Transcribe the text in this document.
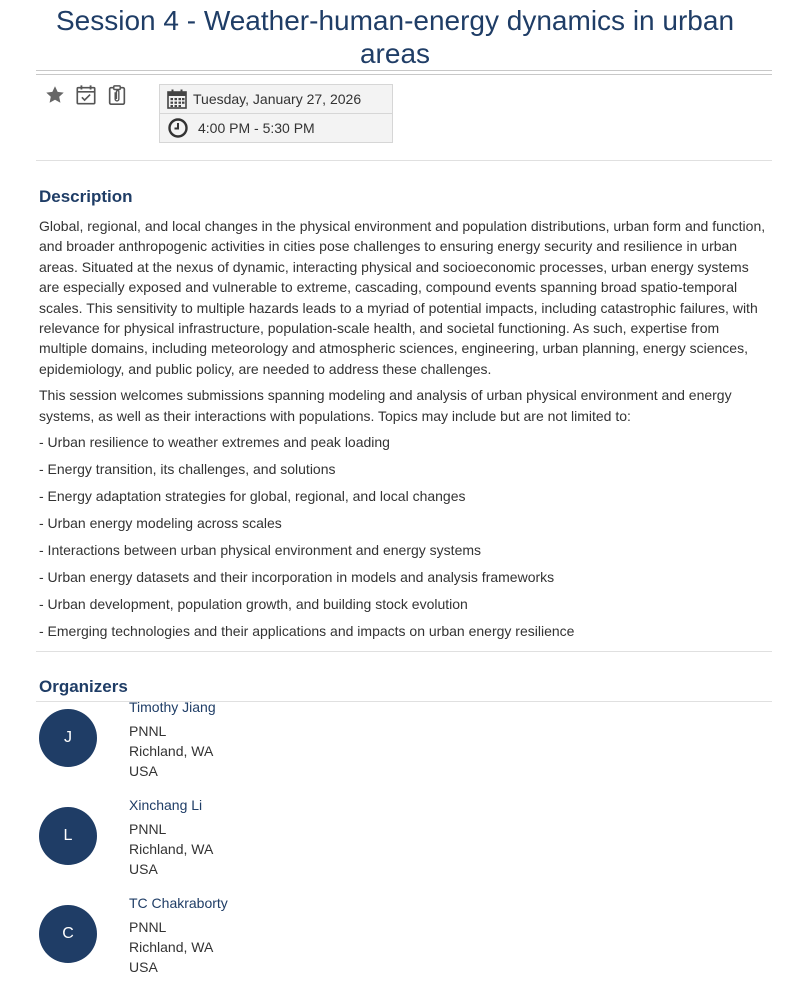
Session 4 - Weather-human-energy dynamics in urban areas
Tuesday, January 27, 2026
4:00 PM - 5:30 PM
Description

Global, regional, and local changes in the physical environment and population distributions, urban form and function, and broader anthropogenic activities in cities pose challenges to ensuring energy security and resilience in urban areas. Situated at the nexus of dynamic, interacting physical and socioeconomic processes, urban energy systems are especially exposed and vulnerable to extreme, cascading, compound events spanning broad spatio-temporal scales. This sensitivity to multiple hazards leads to a myriad of potential impacts, including catastrophic failures, with relevance for physical infrastructure, population-scale health, and societal functioning. As such, expertise from multiple domains, including meteorology and atmospheric sciences, engineering, urban planning, energy sciences, epidemiology, and public policy, are needed to address these challenges.

This session welcomes submissions spanning modeling and analysis of urban physical environment and energy systems, as well as their interactions with populations. Topics may include but are not limited to:

- Urban resilience to weather extremes and peak loading
- Energy transition, its challenges, and solutions
- Energy adaptation strategies for global, regional, and local changes
- Urban energy modeling across scales
- Interactions between urban physical environment and energy systems
- Urban energy datasets and their incorporation in models and analysis frameworks
- Urban development, population growth, and building stock evolution
- Emerging technologies and their applications and impacts on urban energy resilience
Organizers
J
Timothy Jiang
PNNL
Richland, WA
USA
L
Xinchang Li
PNNL
Richland, WA
USA
C
TC Chakraborty
PNNL
Richland, WA
USA
